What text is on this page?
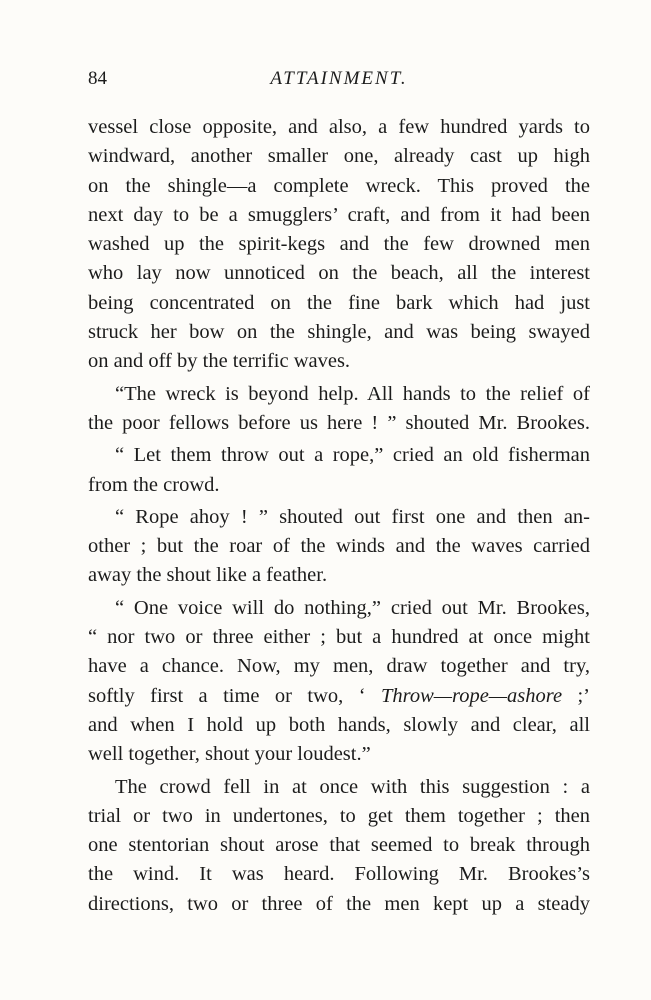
84	ATTAINMENT.
vessel close opposite, and also, a few hundred yards to
windward, another smaller one, already cast up high
on the shingle—a complete wreck. This proved the
next day to be a smugglers’ craft, and from it had been
washed up the spirit-kegs and the few drowned men
who lay now unnoticed on the beach, all the interest
being concentrated on the fine bark which had just
struck her bow on the shingle, and was being swayed
on and off by the terrific waves.
“The wreck is beyond help. All hands to the relief of
the poor fellows before us here ! ” shouted Mr. Brookes.
“ Let them throw out a rope,” cried an old fisherman
from the crowd.
“ Rope ahoy ! ” shouted out first one and then an-
other ; but the roar of the winds and the waves carried
away the shout like a feather.
“ One voice will do nothing,” cried out Mr. Brookes,
“ nor two or three either ; but a hundred at once might
have a chance. Now, my men, draw together and try,
softly first a time or two, ‘ Throw—rope—ashore ;’
and when I hold up both hands, slowly and clear, all
well together, shout your loudest.”
The crowd fell in at once with this suggestion : a
trial or two in undertones, to get them together ; then
one stentorian shout arose that seemed to break through
the wind. It was heard. Following Mr. Brookes’s
directions, two or three of the men kept up a steady
